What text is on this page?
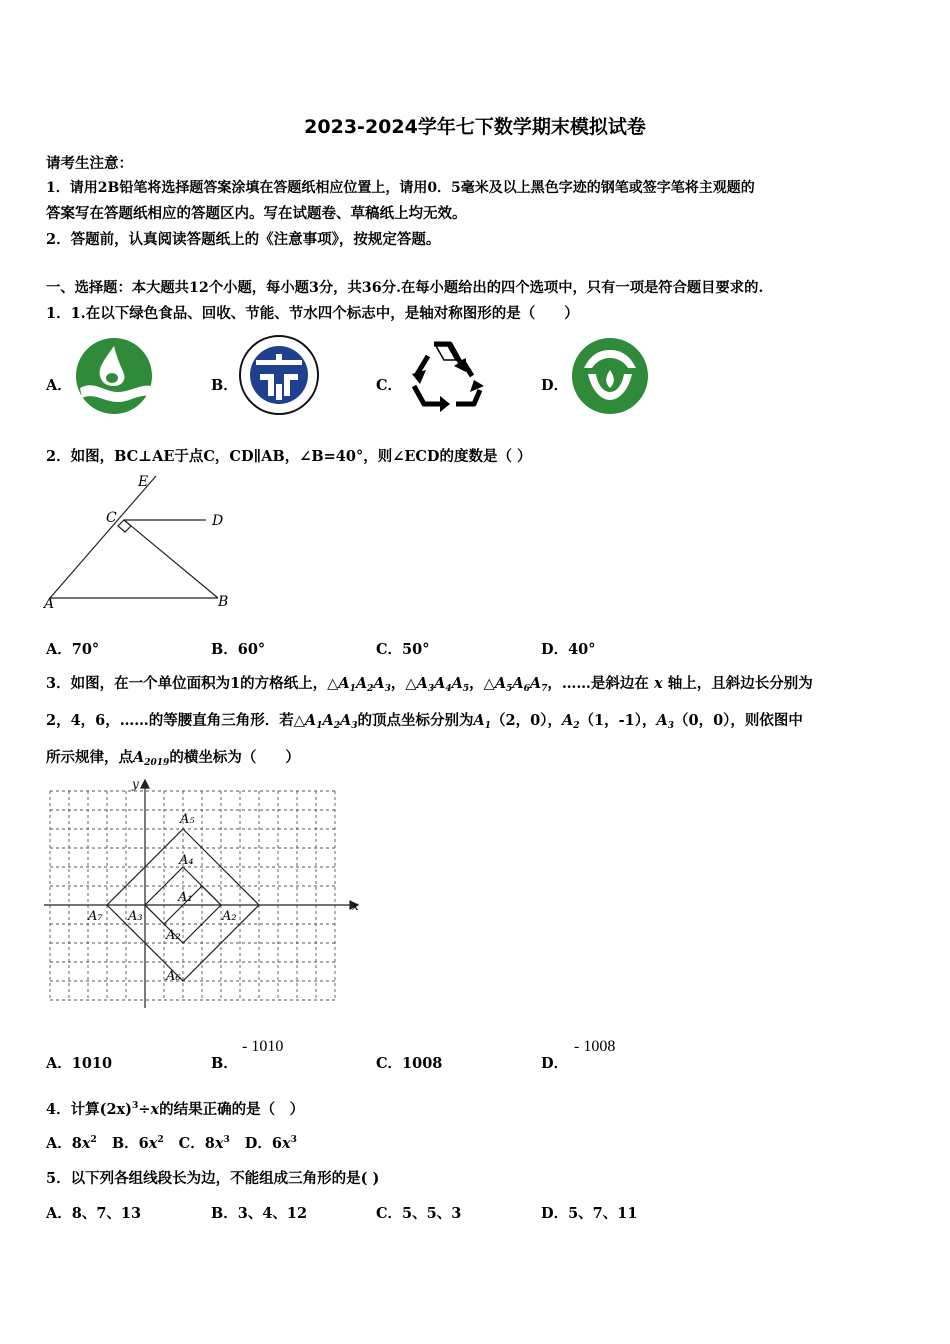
2023-2024学年七下数学期末模拟试卷
请考生注意：
1．请用2B铅笔将选择题答案涂填在答题纸相应位置上，请用0．5毫米及以上黑色字迹的钢笔或签字笔将主观题的
答案写在答题纸相应的答题区内。写在试题卷、草稿纸上均无效。
2．答题前，认真阅读答题纸上的《注意事项》，按规定答题。
一、选择题：本大题共12个小题，每小题3分，共36分.在每小题给出的四个选项中，只有一项是符合题目要求的.
1．1.在以下绿色食品、回收、节能、节水四个标志中，是轴对称图形的是（　　）
A．	B．	C．	D．
2．如图，BC⊥AE于点C，CD∥AB，∠B=40°，则∠ECD的度数是（ ）
E
C	D
A	B
A．70°	B．60°	C．50°	D．40°
3．如图，在一个单位面积为1的方格纸上，$\triangle A_1A_2A_3$，$\triangle A_3A_4A_5$，$\triangle A_5A_6A_7$，……是斜边在 x 轴上，且斜边长分别为
2，4，6，……的等腰直角三角形．若$\triangle A_1A_2A_3$的顶点坐标分别为$A_1(2$，0），$A_2(1$，-1），$A_3(0$，0），则依图中
所示规律，点$A_{2019}$的横坐标为（　　）
y
x
A₅
A₄
A₁
A₇ A₃	A₂
A₂
A₆
A．1010	B．
- 1010
C．1008	D．
- 1008
4．计算$(2x)^3\div x$的结果正确的是（　）
A．$8x^2$ B．$6x^2$ C．$8x^3$ D．$6x^3$
5．以下列各组线段长为边，不能组成三角形的是( )
A．8、7、13	B．3、4、12	C．5、5、3	D．5、7、11
